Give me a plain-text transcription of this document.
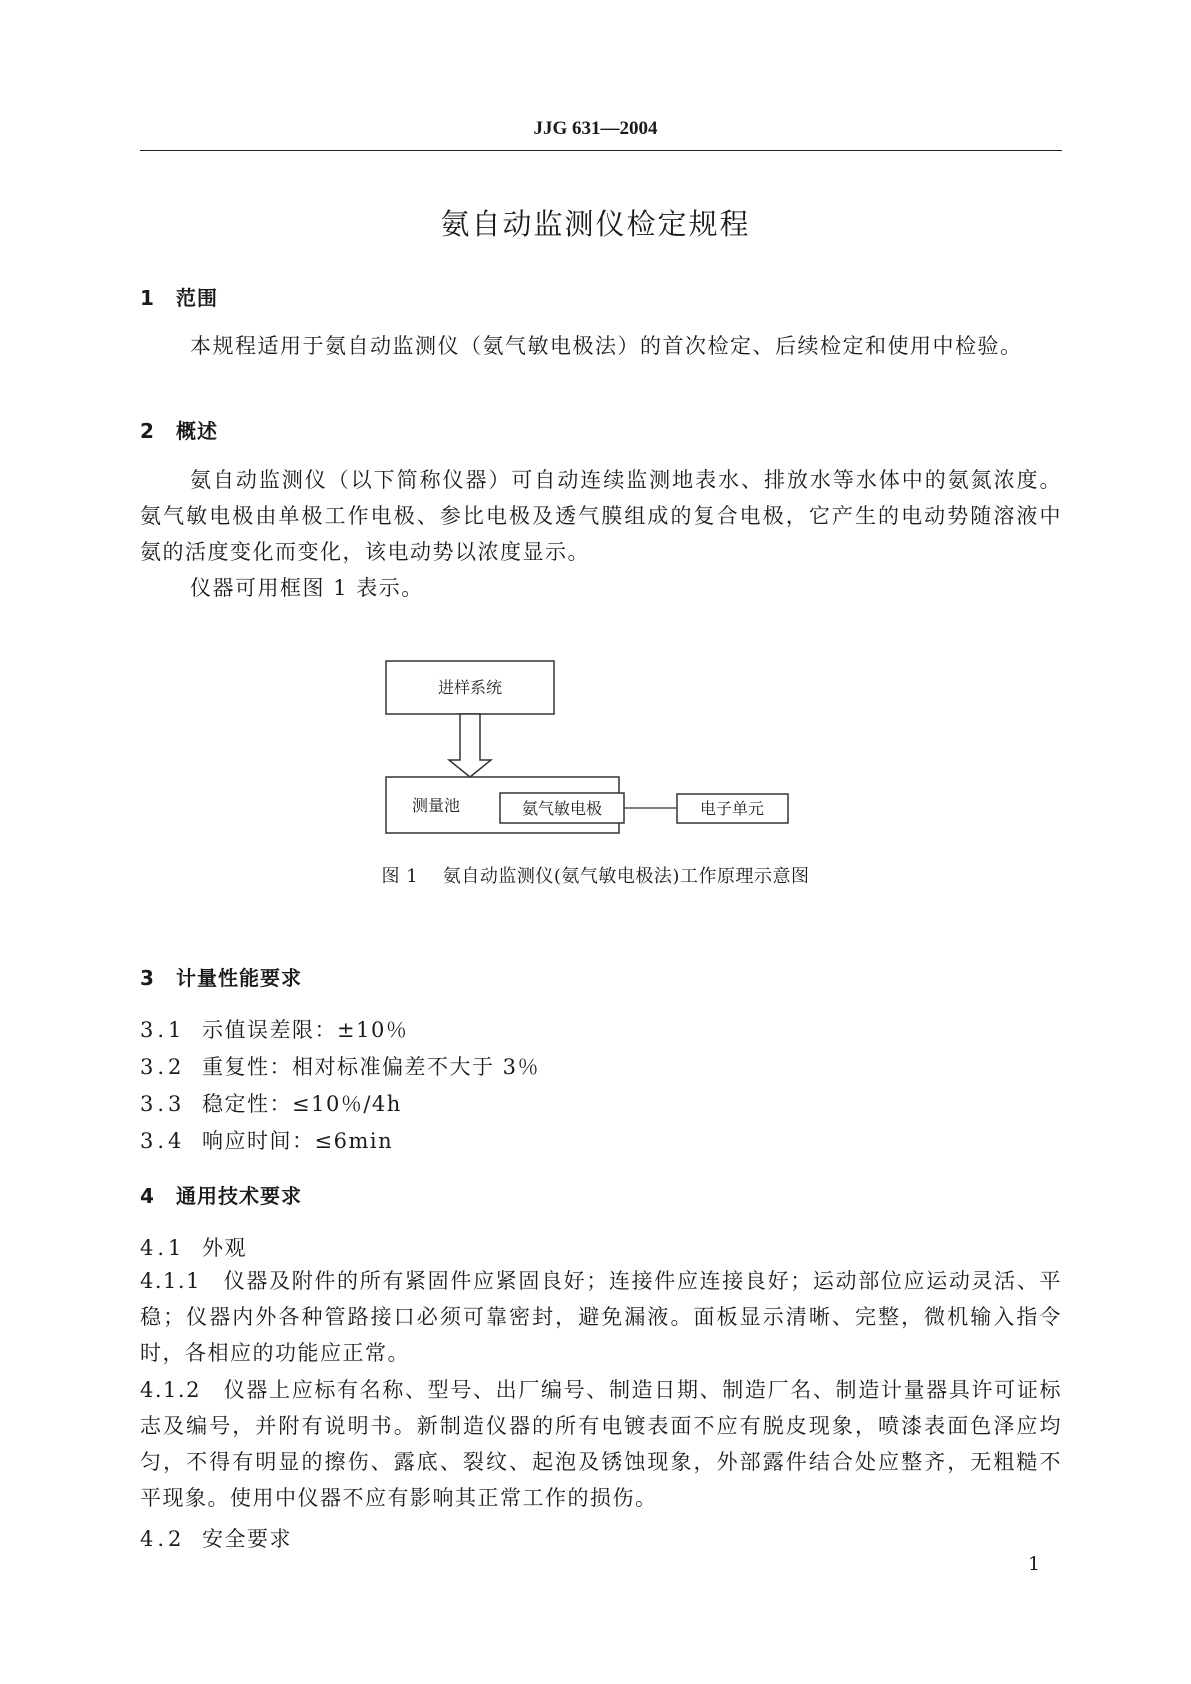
JJG 631—2004
氨自动监测仪检定规程
1 范围
本规程适用于氨自动监测仪（氨气敏电极法）的首次检定、后续检定和使用中检验。
2 概述
氨自动监测仪（以下简称仪器）可自动连续监测地表水、排放水等水体中的氨氮浓度。氨气敏电极由单极工作电极、参比电极及透气膜组成的复合电极，它产生的电动势随溶液中氨的活度变化而变化，该电动势以浓度显示。
仪器可用框图 1 表示。
进样系统
测量池	氨气敏电极	电子单元
图 1　 氨自动监测仪(氨气敏电极法)工作原理示意图
3 计量性能要求
3.1 示值误差限：±10％
3.2 重复性：相对标准偏差不大于 3％
3.3 稳定性：≤10％/4h
3.4 响应时间：≤6min
4 通用技术要求
4.1 外观
4.1.1　仪器及附件的所有紧固件应紧固良好；连接件应连接良好；运动部位应运动灵活、平稳；仪器内外各种管路接口必须可靠密封，避免漏液。面板显示清晰、完整，微机输入指令时，各相应的功能应正常。
4.1.2　仪器上应标有名称、型号、出厂编号、制造日期、制造厂名、制造计量器具许可证标志及编号，并附有说明书。新制造仪器的所有电镀表面不应有脱皮现象，喷漆表面色泽应均匀，不得有明显的擦伤、露底、裂纹、起泡及锈蚀现象，外部露件结合处应整齐，无粗糙不平现象。使用中仪器不应有影响其正常工作的损伤。
4.2 安全要求
1
